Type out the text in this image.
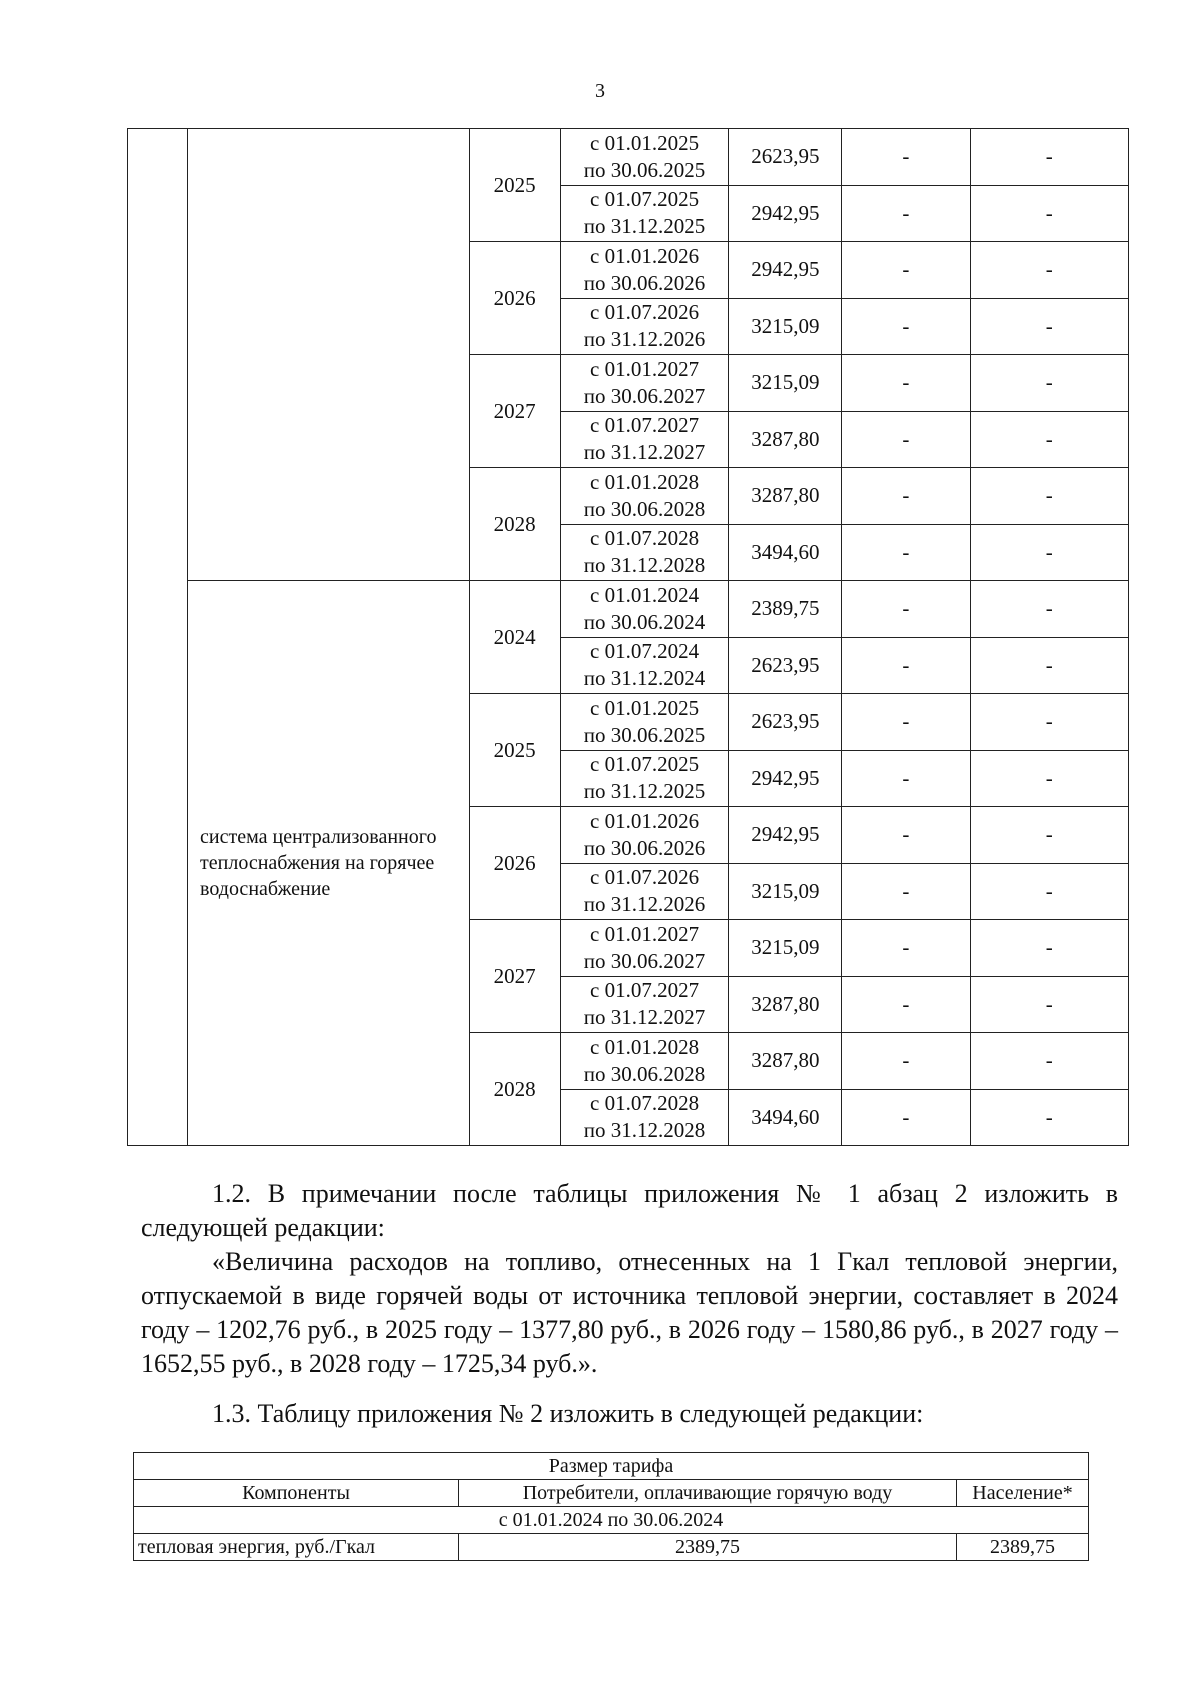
3
		2025	с 01.01.2025
по 30.06.2025	2623,95	-	-

			с 01.07.2025
по 31.12.2025	2942,95	-	-
		2026	с 01.01.2026
по 30.06.2026	2942,95	-	-

			с 01.07.2026
по 31.12.2026	3215,09	-	-
		2027	с 01.01.2027
по 30.06.2027	3215,09	-	-

			с 01.07.2027
по 31.12.2027	3287,80	-	-
		2028	с 01.01.2028
по 30.06.2028	3287,80	-	-

			с 01.07.2028
по 31.12.2028	3494,60	-	-
	система централизованного теплоснабжения на горячее водоснабжение	2024	с 01.01.2024
по 30.06.2024	2389,75	-	-

			с 01.07.2024
по 31.12.2024	2623,95	-	-
		2025	с 01.01.2025
по 30.06.2025	2623,95	-	-

			с 01.07.2025
по 31.12.2025	2942,95	-	-
		2026	с 01.01.2026
по 30.06.2026	2942,95	-	-

			с 01.07.2026
по 31.12.2026	3215,09	-	-
		2027	с 01.01.2027
по 30.06.2027	3215,09	-	-

			с 01.07.2027
по 31.12.2027	3287,80	-	-
		2028	с 01.01.2028
по 30.06.2028	3287,80	-	-

			с 01.07.2028
по 31.12.2028	3494,60	-	-
1.2. В примечании после таблицы приложения № 1 абзац 2 изложить в следующей редакции:
«Величина расходов на топливо, отнесенных на 1 Гкал тепловой энергии, отпускаемой в виде горячей воды от источника тепловой энергии, составляет в 2024 году – 1202,76 руб., в 2025 году – 1377,80 руб., в 2026 году – 1580,86 руб., в 2027 году – 1652,55 руб., в 2028 году – 1725,34 руб.».
1.3. Таблицу приложения № 2 изложить в следующей редакции:
Размер тарифа		
Компоненты	Потребители, оплачивающие горячую воду	Население*
с 01.01.2024 по 30.06.2024		
тепловая энергия, руб./Гкал	2389,75	2389,75
